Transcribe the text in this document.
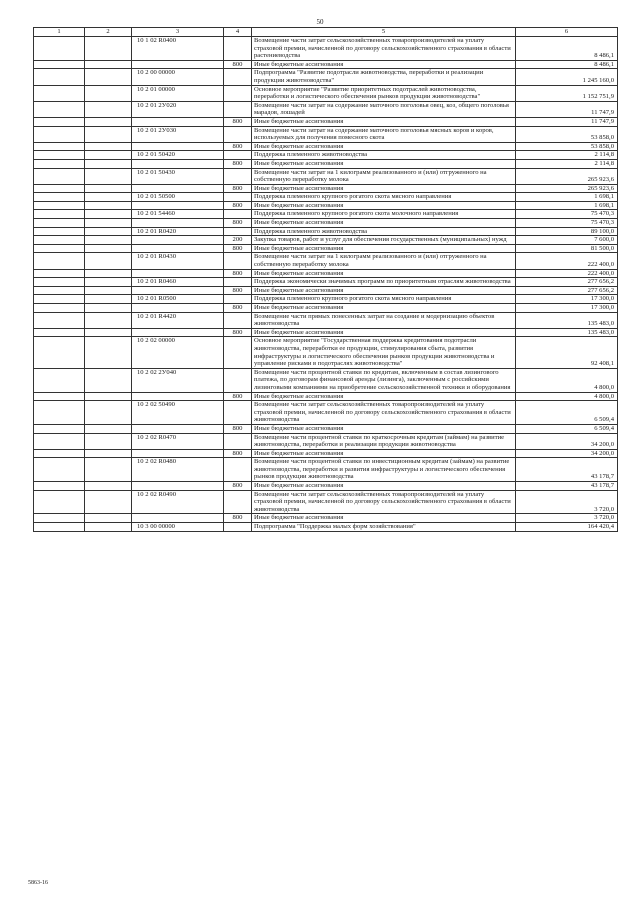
50
1	2	3	4	5	6
		10 1 02 R0400		Возмещение части затрат сельскохозяйственных товаропроизводителей на уплату страховой премии, начисленной по договору сельскохозяйственного страхования в области растениеводства	8 486,1
			800	Иные бюджетные ассигнования	8 486,1
		10 2 00 00000		Подпрограмма "Развитие подотрасли животноводства, переработки и реализации продукции животноводства"	1 245 160,0
		10 2 01 00000		Основное мероприятие "Развитие приоритетных подотраслей животноводства, переработки и логистического обеспечения рынков продукции животноводства"	1 152 751,9
		10 2 01 2У020		Возмещение части затрат на содержание маточного поголовья овец, коз, общего поголовья марадов, лошадей	11 747,9
			800	Иные бюджетные ассигнования	11 747,9
		10 2 01 2У030		Возмещение части затрат на содержание маточного поголовья мясных коров и коров, используемых для получения помесного скота	53 858,0
			800	Иные бюджетные ассигнования	53 858,0
		10 2 01 50420		Поддержка племенного животноводства	2 114,8
			800	Иные бюджетные ассигнования	2 114,8
		10 2 01 50430		Возмещение части затрат на 1 килограмм реализованного и (или) отгруженного на собственную переработку молока	265 923,6
			800	Иные бюджетные ассигнования	265 923,6
		10 2 01 50500		Поддержка племенного крупного рогатого скота мясного направления	1 698,1
			800	Иные бюджетные ассигнования	1 698,1
		10 2 01 54460		Поддержка племенного крупного рогатого скота молочного направления	75 470,3
			800	Иные бюджетные ассигнования	75 470,3
		10 2 01 R0420		Поддержка племенного животноводства	89 100,0
			200	Закупка товаров, работ и услуг для обеспечения государственных (муниципальных) нужд	7 600,0
			800	Иные бюджетные ассигнования	81 500,0
		10 2 01 R0430		Возмещение части затрат на 1 килограмм реализованного и (или) отгруженного на собственную переработку молока	222 400,0
			800	Иные бюджетные ассигнования	222 400,0
		10 2 01 R0460		Поддержка экономически значимых программ по приоритетным отраслям животноводства	277 656,2
			800	Иные бюджетные ассигнования	277 656,2
		10 2 01 R0500		Поддержка племенного крупного рогатого скота мясного направления	17 300,0
			800	Иные бюджетные ассигнования	17 300,0
		10 2 01 R4420		Возмещение части прямых понесенных затрат на создание и модернизацию объектов животноводства	135 483,0
			800	Иные бюджетные ассигнования	135 483,0
		10 2 02 00000		Основное мероприятие "Государственная поддержка кредитования подотрасли животноводства, переработки ее продукции, стимулирования сбыта, развития инфраструктуры и логистического обеспечения рынков продукции животноводства и управление рисками в подотраслях животноводства"	92 408,1
		10 2 02 2У040		Возмещение части процентной ставки по кредитам, включенным в состав лизингового платежа, по договорам финансовой аренды (лизинга), заключенным с российскими лизинговыми компаниями на приобретение сельскохозяйственной техники и оборудования	4 800,0
			800	Иные бюджетные ассигнования	4 800,0
		10 2 02 50490		Возмещение части затрат сельскохозяйственных товаропроизводителей на уплату страховой премии, начисленной по договору сельскохозяйственного страхования в области животноводства	6 509,4
			800	Иные бюджетные ассигнования	6 509,4
		10 2 02 R0470		Возмещение части процентной ставки по краткосрочным кредитам (займам) на развитие животноводства, переработки и реализации продукции животноводства	34 200,0
			800	Иные бюджетные ассигнования	34 200,0
		10 2 02 R0480		Возмещение части процентной ставки по инвестиционным кредитам (займам) на развитие животноводства, переработки и развития инфраструктуры и логистического обеспечения рынков продукции животноводства	43 178,7
			800	Иные бюджетные ассигнования	43 178,7
		10 2 02 R0490		Возмещение части затрат сельскохозяйственных товаропроизводителей на уплату страховой премии, начисленной по договору сельскохозяйственного страхования в области животноводства	3 720,0
			800	Иные бюджетные ассигнования	3 720,0
		10 3 00 00000		Подпрограмма "Поддержка малых форм хозяйствования"	164 420,4
5863-16
